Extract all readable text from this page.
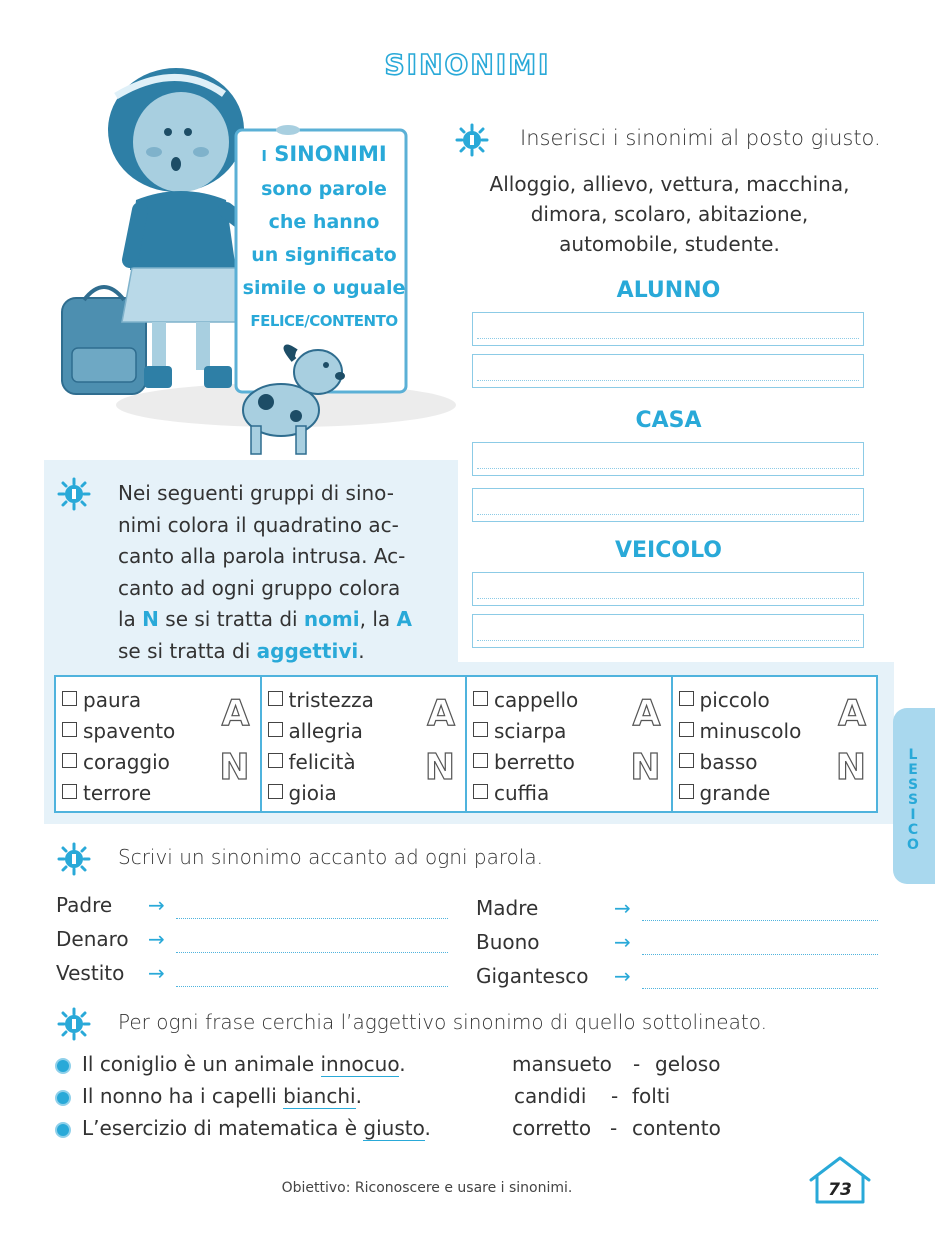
SINONIMI
I SINONIMI
sono parole
che hanno
un significato
simile o uguale
FELICE/CONTENTO
Inserisci i sinonimi al posto giusto.
Alloggio, allievo, vettura, macchina,
dimora, scolaro, abitazione,
automobile, studente.
ALUNNO
CASA
VEICOLO
Nei seguenti gruppi di sino-
nimi colora il quadratino ac-
canto alla parola intrusa. Ac-
canto ad ogni gruppo colora
la N se si tratta di nomi, la A
se si tratta di aggettivi.
paura
spavento
coraggio
terrore
A
N
tristezza
allegria
felicità
gioia
A
N
cappello
sciarpa
berretto
cuffia
A
N
piccolo
minuscolo
basso
grande
A
N	LESSICO
Scrivi un sinonimo accanto ad ogni parola.
Padre →
Denaro →
Vestito →
Madre	→
Buono	→
Gigantesco →
Per ogni frase cerchia l’aggettivo sinonimo di quello sottolineato.
Il coniglio è un animale innocuo.	mansueto - geloso
Il nonno ha i capelli bianchi.	candidi - folti
L’esercizio di matematica è giusto.	corretto - contento
Obiettivo: Riconoscere e usare i sinonimi.	73
